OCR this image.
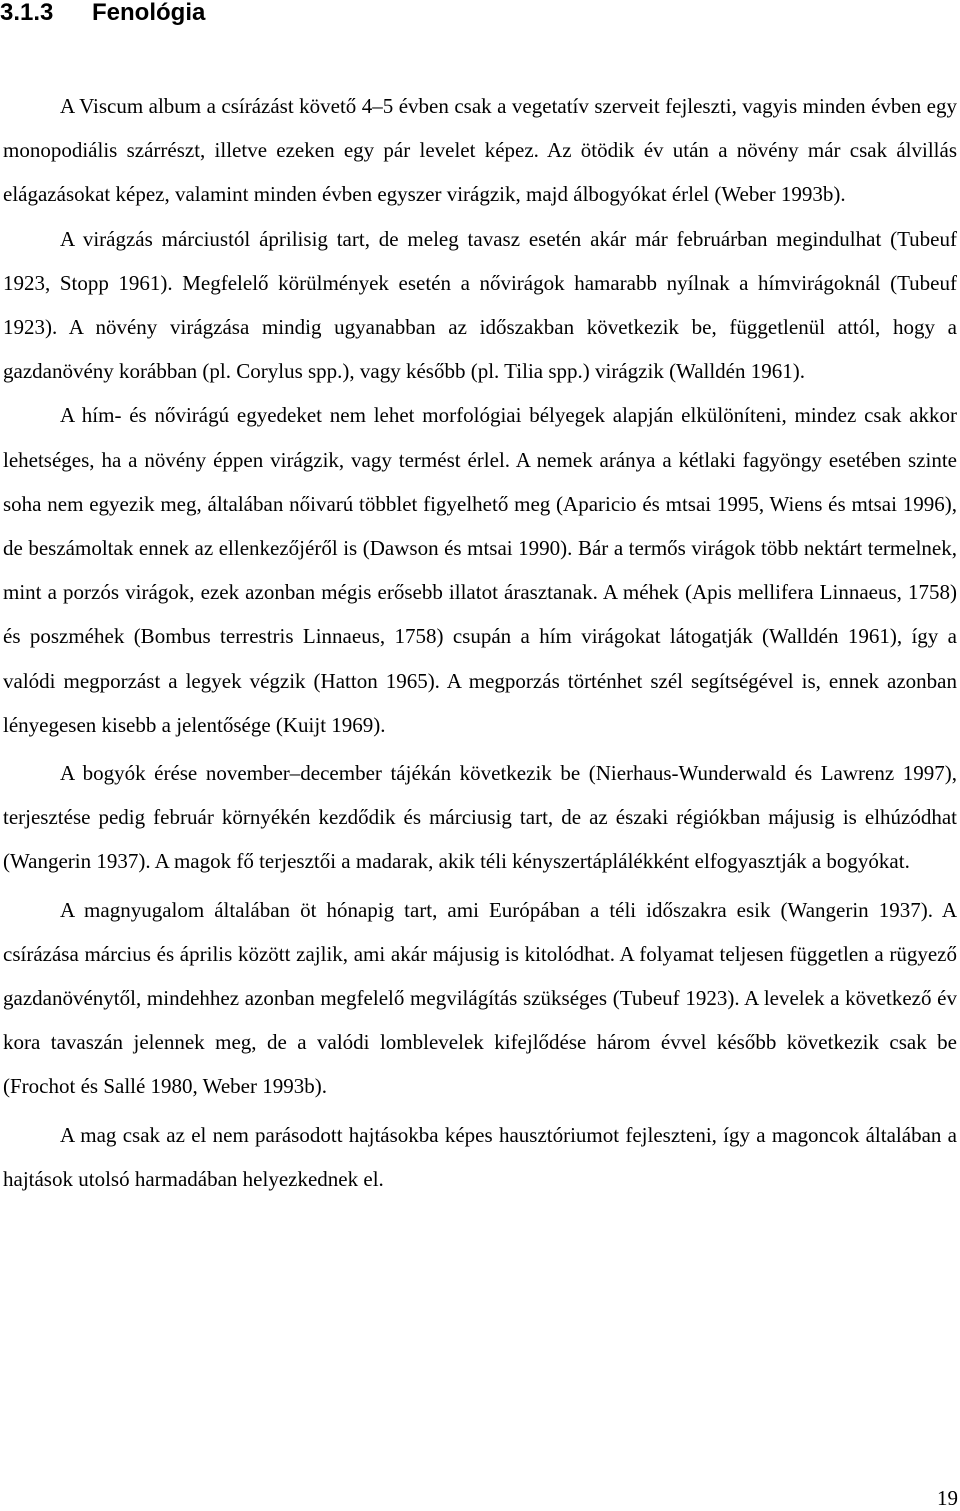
3.1.3 Fenológia

A Viscum album a csírázást követő 4–5 évben csak a vegetatív szerveit fejleszti, vagyis minden évben egy monopodiális szárrészt, illetve ezeken egy pár levelet képez. Az ötödik év után a növény már csak álvillás elágazásokat képez, valamint minden évben egyszer virágzik, majd álbogyókat érlel (Weber 1993b).

A virágzás márciustól áprilisig tart, de meleg tavasz esetén akár már februárban megindulhat (Tubeuf 1923, Stopp 1961). Megfelelő körülmények esetén a nővirágok hamarabb nyílnak a hímvirágoknál (Tubeuf 1923). A növény virágzása mindig ugyanabban az időszakban következik be, függetlenül attól, hogy a gazdanövény korábban (pl. Corylus spp.), vagy később (pl. Tilia spp.) virágzik (Walldén 1961).

A hím- és nővirágú egyedeket nem lehet morfológiai bélyegek alapján elkülöníteni, mindez csak akkor lehetséges, ha a növény éppen virágzik, vagy termést érlel. A nemek aránya a kétlaki fagyöngy esetében szinte soha nem egyezik meg, általában nőivarú többlet figyelhető meg (Aparicio és mtsai 1995, Wiens és mtsai 1996), de beszámoltak ennek az ellenkezőjéről is (Dawson és mtsai 1990). Bár a termős virágok több nektárt termelnek, mint a porzós virágok, ezek azonban mégis erősebb illatot árasztanak. A méhek (Apis mellifera Linnaeus, 1758) és poszméhek (Bombus terrestris Linnaeus, 1758) csupán a hím virágokat látogatják (Walldén 1961), így a valódi megporzást a legyek végzik (Hatton 1965). A megporzás történhet szél segítségével is, ennek azonban lényegesen kisebb a jelentősége (Kuijt 1969).

A bogyók érése november–december tájékán következik be (Nierhaus-Wunderwald és Lawrenz 1997), terjesztése pedig február környékén kezdődik és márciusig tart, de az északi régiókban májusig is elhúzódhat (Wangerin 1937). A magok fő terjesztői a madarak, akik téli kényszertáplálékként elfogyasztják a bogyókat.

A magnyugalom általában öt hónapig tart, ami Európában a téli időszakra esik (Wangerin 1937). A csírázása március és április között zajlik, ami akár májusig is kitolódhat. A folyamat teljesen független a rügyező gazdanövénytől, mindehhez azonban megfelelő megvilágítás szükséges (Tubeuf 1923). A levelek a következő év kora tavaszán jelennek meg, de a valódi lomblevelek kifejlődése három évvel később következik csak be (Frochot és Sallé 1980, Weber 1993b).

A mag csak az el nem parásodott hajtásokba képes hausztóriumot fejleszteni, így a magoncok általában a hajtások utolsó harmadában helyezkednek el.

19
